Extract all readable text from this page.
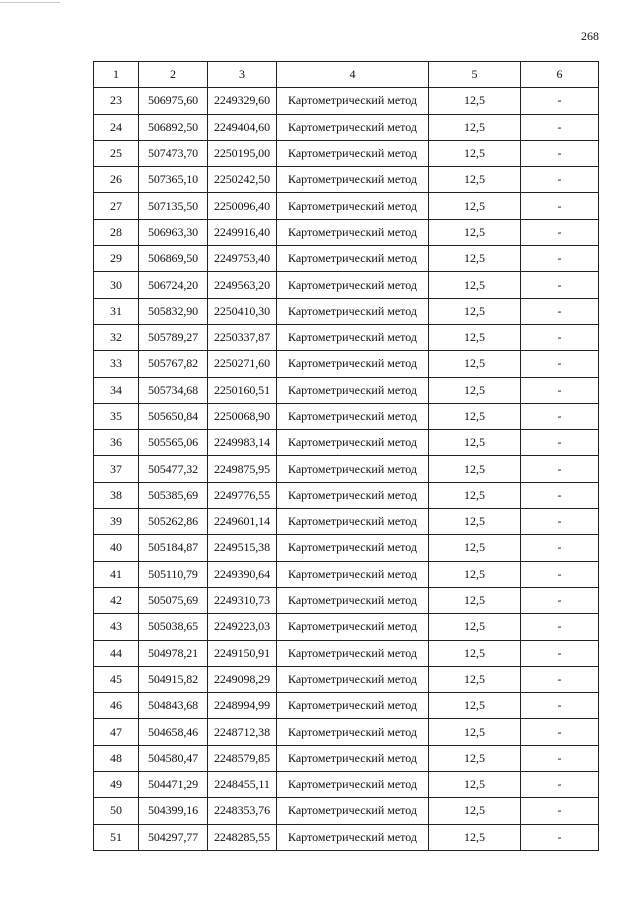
268
1	2	3	4	5	6
23	506975,60	2249329,60	Картометрический метод	12,5	-
24	506892,50	2249404,60	Картометрический метод	12,5	-
25	507473,70	2250195,00	Картометрический метод	12,5	-
26	507365,10	2250242,50	Картометрический метод	12,5	-
27	507135,50	2250096,40	Картометрический метод	12,5	-
28	506963,30	2249916,40	Картометрический метод	12,5	-
29	506869,50	2249753,40	Картометрический метод	12,5	-
30	506724,20	2249563,20	Картометрический метод	12,5	-
31	505832,90	2250410,30	Картометрический метод	12,5	-
32	505789,27	2250337,87	Картометрический метод	12,5	-
33	505767,82	2250271,60	Картометрический метод	12,5	-
34	505734,68	2250160,51	Картометрический метод	12,5	-
35	505650,84	2250068,90	Картометрический метод	12,5	-
36	505565,06	2249983,14	Картометрический метод	12,5	-
37	505477,32	2249875,95	Картометрический метод	12,5	-
38	505385,69	2249776,55	Картометрический метод	12,5	-
39	505262,86	2249601,14	Картометрический метод	12,5	-
40	505184,87	2249515,38	Картометрический метод	12,5	-
41	505110,79	2249390,64	Картометрический метод	12,5	-
42	505075,69	2249310,73	Картометрический метод	12,5	-
43	505038,65	2249223,03	Картометрический метод	12,5	-
44	504978,21	2249150,91	Картометрический метод	12,5	-
45	504915,82	2249098,29	Картометрический метод	12,5	-
46	504843,68	2248994,99	Картометрический метод	12,5	-
47	504658,46	2248712,38	Картометрический метод	12,5	-
48	504580,47	2248579,85	Картометрический метод	12,5	-
49	504471,29	2248455,11	Картометрический метод	12,5	-
50	504399,16	2248353,76	Картометрический метод	12,5	-
51	504297,77	2248285,55	Картометрический метод	12,5	-
